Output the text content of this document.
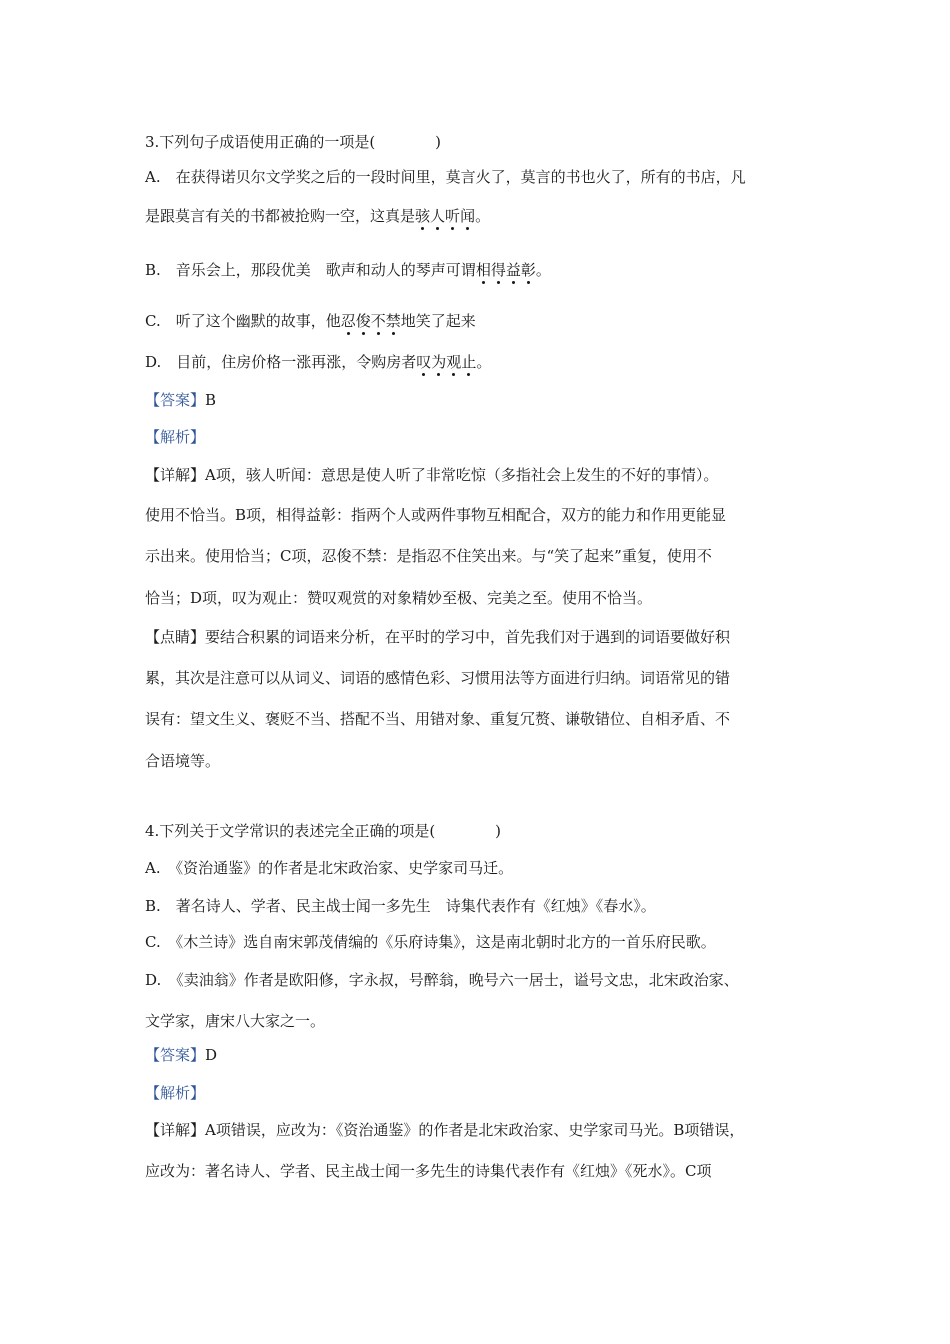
3.下列句子成语使用正确的一项是(　　　　)
A.　在获得诺贝尔文学奖之后的一段时间里，莫言火了，莫言的书也火了，所有的书店，凡
是跟莫言有关的书都被抢购一空，这真是骇人听闻。
B.　音乐会上，那段优美 歌声和动人的琴声可谓相得益彰。
C.　听了这个幽默的故事，他忍俊不禁地笑了起来
D.　目前，住房价格一涨再涨，令购房者叹为观止。
【答案】B
【解析】
【详解】A项，骇人听闻：意思是使人听了非常吃惊（多指社会上发生的不好的事情）。
使用不恰当。B项，相得益彰：指两个人或两件事物互相配合，双方的能力和作用更能显
示出来。使用恰当；C项，忍俊不禁：是指忍不住笑出来。与“笑了起来”重复，使用不
恰当；D项，叹为观止：赞叹观赏的对象精妙至极、完美之至。使用不恰当。
【点睛】要结合积累的词语来分析，在平时的学习中，首先我们对于遇到的词语要做好积
累，其次是注意可以从词义、词语的感情色彩、习惯用法等方面进行归纳。词语常见的错
误有：望文生义、褒贬不当、搭配不当、用错对象、重复冗赘、谦敬错位、自相矛盾、不
合语境等。
4.下列关于文学常识的表述完全正确的项是(　　　　)
A.　《资治通鉴》的作者是北宋政治家、史学家司马迁。
B.　著名诗人、学者、民主战士闻一多先生 诗集代表作有《红烛》《春水》。
C.　《木兰诗》选自南宋郭茂倩编的《乐府诗集》，这是南北朝时北方的一首乐府民歌。
D.　《卖油翁》作者是欧阳修，字永叔，号醉翁，晚号六一居士，谥号文忠，北宋政治家、
文学家，唐宋八大家之一。
【答案】D
【解析】
【详解】A项错误，应改为：《资治通鉴》的作者是北宋政治家、史学家司马光。B项错误，
应改为：著名诗人、学者、民主战士闻一多先生的诗集代表作有《红烛》《死水》。C项
